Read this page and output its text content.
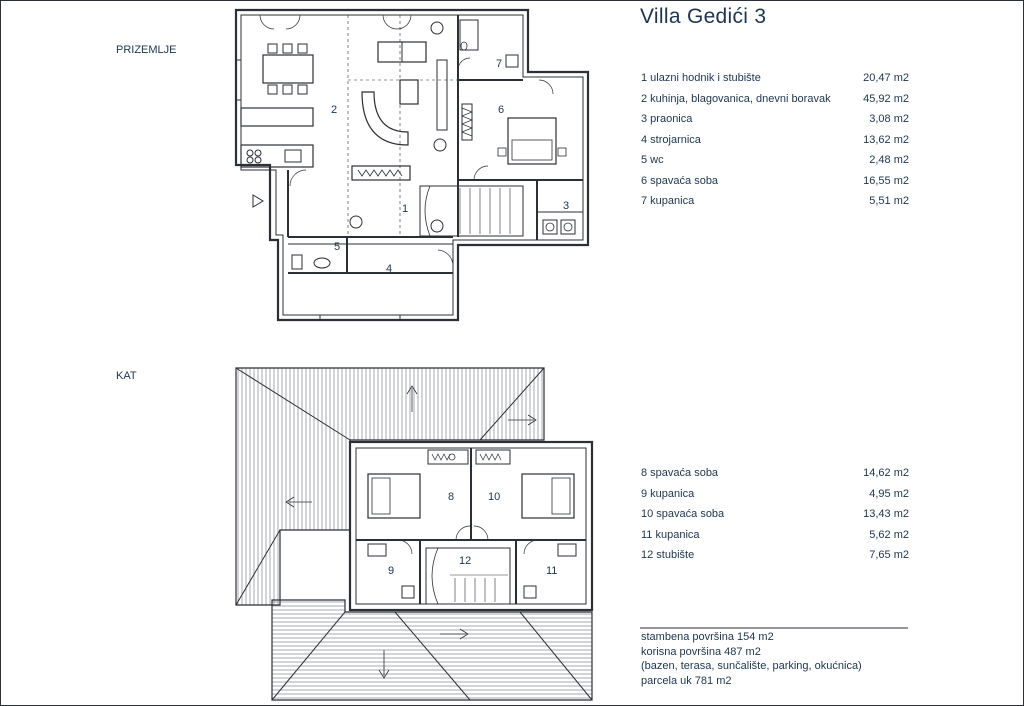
Villa Gedići 3
PRIZEMLJE
KAT
1
2
3
4
5
6
7
8
9
10
11
12
1 ulazni hodnik i stubište	20,47 m2
2 kuhinja, blagovanica, dnevni boravak	45,92 m2
3 praonica	3,08 m2
4 strojarnica	13,62 m2
5 wc	2,48 m2
6 spavaća soba	16,55 m2
7 kupanica	5,51 m2
8 spavaća soba	14,62 m2
9 kupanica	4,95 m2
10 spavaća soba	13,43 m2
11 kupanica	5,62 m2
12 stubište	7,65 m2
stambena površina 154 m2
korisna površina 487 m2
(bazen, terasa, sunčalište, parking, okućnica)
parcela uk 781 m2
